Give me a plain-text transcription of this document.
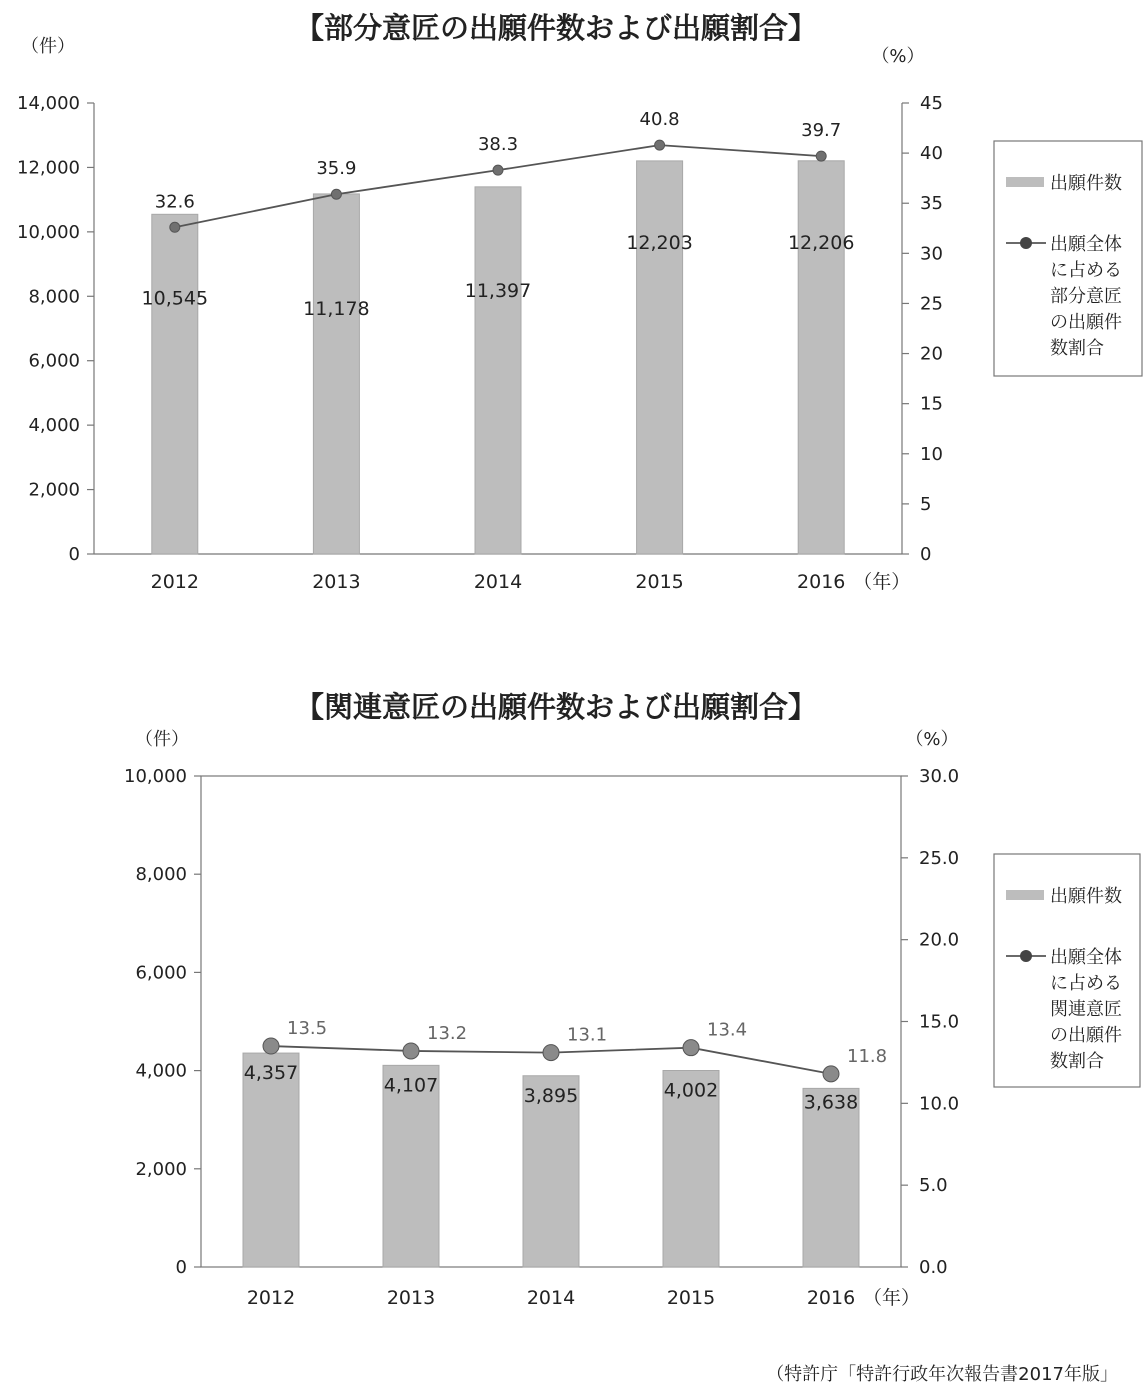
【部分意匠の出願件数および出願割合】
0
2,000
4,000
6,000
8,000
10,000
12,000
14,000
0
5
10
15
20
25
30
35
40
45
（件）	（%）
10,545	11,178
11,397
12,203	12,206
2012	2013	2014	2015	2016 （年）
32.6
35.9
38.3
40.8
39.7
出願件数
出願全体
に占める
部分意匠
の出願件
数割合
【関連意匠の出願件数および出願割合】
0
2,000
4,000
6,000
8,000
10,000
0.0
5.0
10.0
15.0
20.0
25.0
30.0
（件）	（%）
4,357
4,107	3,895	4,002
3,638
2012	2013	2014	2015	2016 （年）
13.5	13.2	13.1	13.4
11.8
出願件数
出願全体
に占める
関連意匠
の出願件
数割合
（特許庁「特許行政年次報告書2017年版」
